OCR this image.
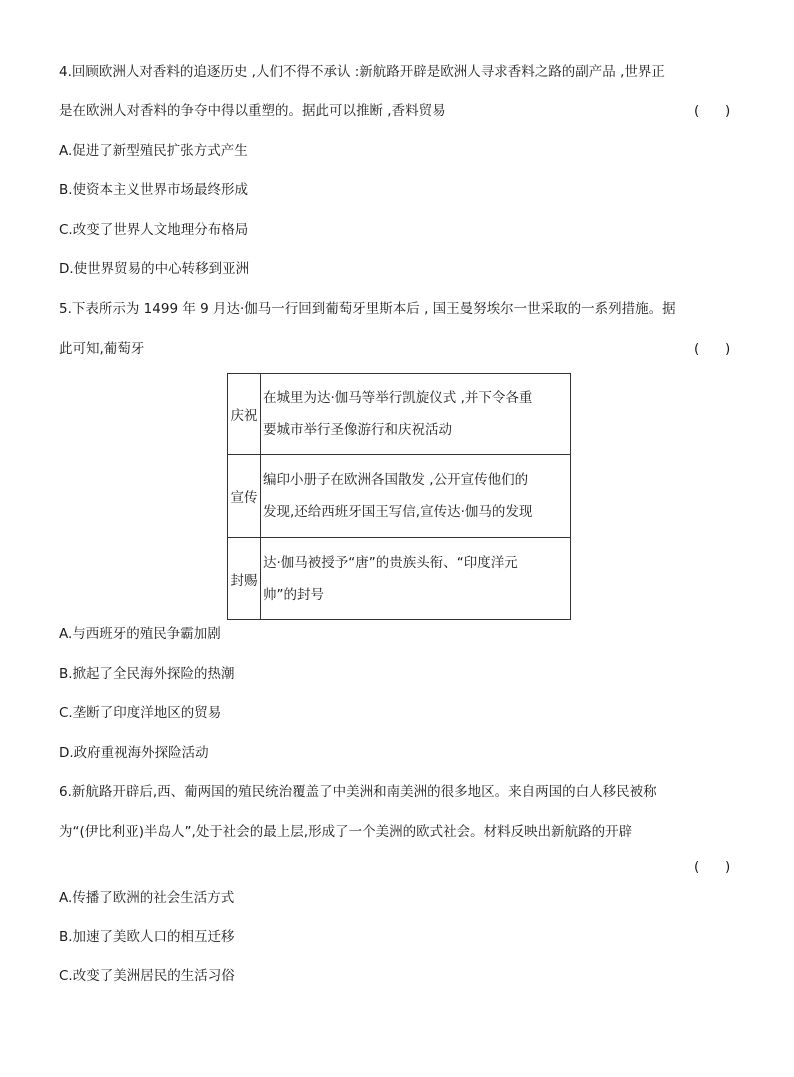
4.回顾欧洲人对香料的追逐历史 ,人们不得不承认 :新航路开辟是欧洲人寻求香料之路的副产品 ,世界正
是在欧洲人对香料的争夺中得以重塑的。据此可以推断 ,香料贸易	(      )
A.促进了新型殖民扩张方式产生
B.使资本主义世界市场最终形成
C.改变了世界人文地理分布格局
D.使世界贸易的中心转移到亚洲
5.下表所示为 1499 年 9 月达·伽马一行回到葡萄牙里斯本后 , 国王曼努埃尔一世采取的一系列措施。据
此可知,葡萄牙	(      )
庆祝	在城里为达·伽马等举行凯旋仪式 ,并下令各重
要城市举行圣像游行和庆祝活动

宣传	编印小册子在欧洲各国散发 ,公开宣传他们的
发现,还给西班牙国王写信,宣传达·伽马的发现

封赐	达·伽马被授予“唐”的贵族头衔、“印度洋元
帅”的封号
A.与西班牙的殖民争霸加剧
B.掀起了全民海外探险的热潮
C.垄断了印度洋地区的贸易
D.政府重视海外探险活动
6.新航路开辟后,西、葡两国的殖民统治覆盖了中美洲和南美洲的很多地区。来自两国的白人移民被称
为“(伊比利亚)半岛人”,处于社会的最上层,形成了一个美洲的欧式社会。材料反映出新航路的开辟
(      )
A.传播了欧洲的社会生活方式
B.加速了美欧人口的相互迁移
C.改变了美洲居民的生活习俗
